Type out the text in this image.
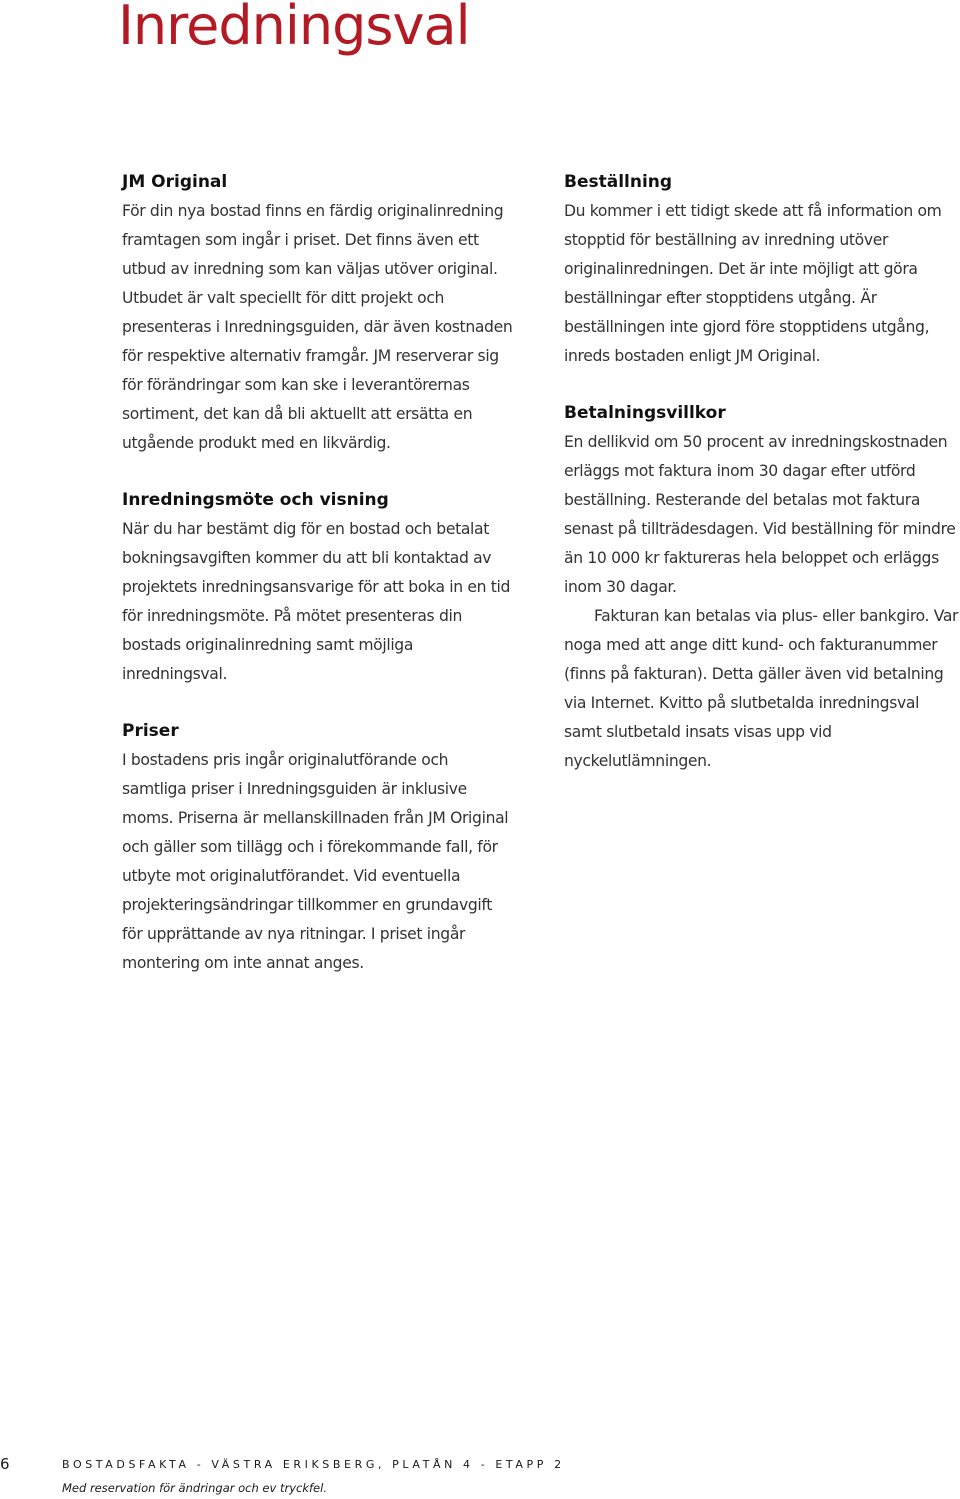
Inredningsval
JM Original

För din nya bostad finns en färdig originalinredning framtagen som ingår i priset. Det finns även ett utbud av inredning som kan väljas utöver original. Utbudet är valt speciellt för ditt projekt och presenteras i Inredningsguiden, där även kostnaden för respektive alternativ framgår. JM reserverar sig för förändringar som kan ske i leverantörernas sortiment, det kan då bli aktuellt att ersätta en utgående produkt med en likvärdig.

Inredningsmöte och visning

När du har bestämt dig för en bostad och betalat bokningsavgiften kommer du att bli kontaktad av projektets inredningsansvarige för att boka in en tid för inredningsmöte. På mötet presenteras din bostads originalinredning samt möjliga inredningsval.

Priser

I bostadens pris ingår originalutförande och samtliga priser i Inredningsguiden är inklusive moms. Priserna är mellanskillnaden från JM Original och gäller som tillägg och i förekommande fall, för utbyte mot originalutförandet. Vid eventuella projekteringsändringar tillkommer en grundavgift för upprättande av nya ritningar. I priset ingår montering om inte annat anges.

Beställning

Du kommer i ett tidigt skede att få information om stopptid för beställning av inredning utöver originalinredningen. Det är inte möjligt att göra beställningar efter stopptidens utgång. Är beställningen inte gjord före stopptidens utgång, inreds bostaden enligt JM Original.

Betalningsvillkor

En dellikvid om 50 procent av inredningskostnaden erläggs mot faktura inom 30 dagar efter utförd beställning. Resterande del betalas mot faktura senast på tillträdesdagen. Vid beställning för mindre än 10 000 kr faktureras hela beloppet och erläggs inom 30 dagar.

Fakturan kan betalas via plus- eller bankgiro. Var noga med att ange ditt kund- och fakturanummer (finns på fakturan). Detta gäller även vid betalning via Internet. Kvitto på slutbetalda inredningsval samt slutbetald insats visas upp vid nyckelutlämningen.

6	BOSTADSFAKTA - VÄSTRA ERIKSBERG, PLATÅN 4 - ETAPP 2
Med reservation för ändringar och ev tryckfel.
